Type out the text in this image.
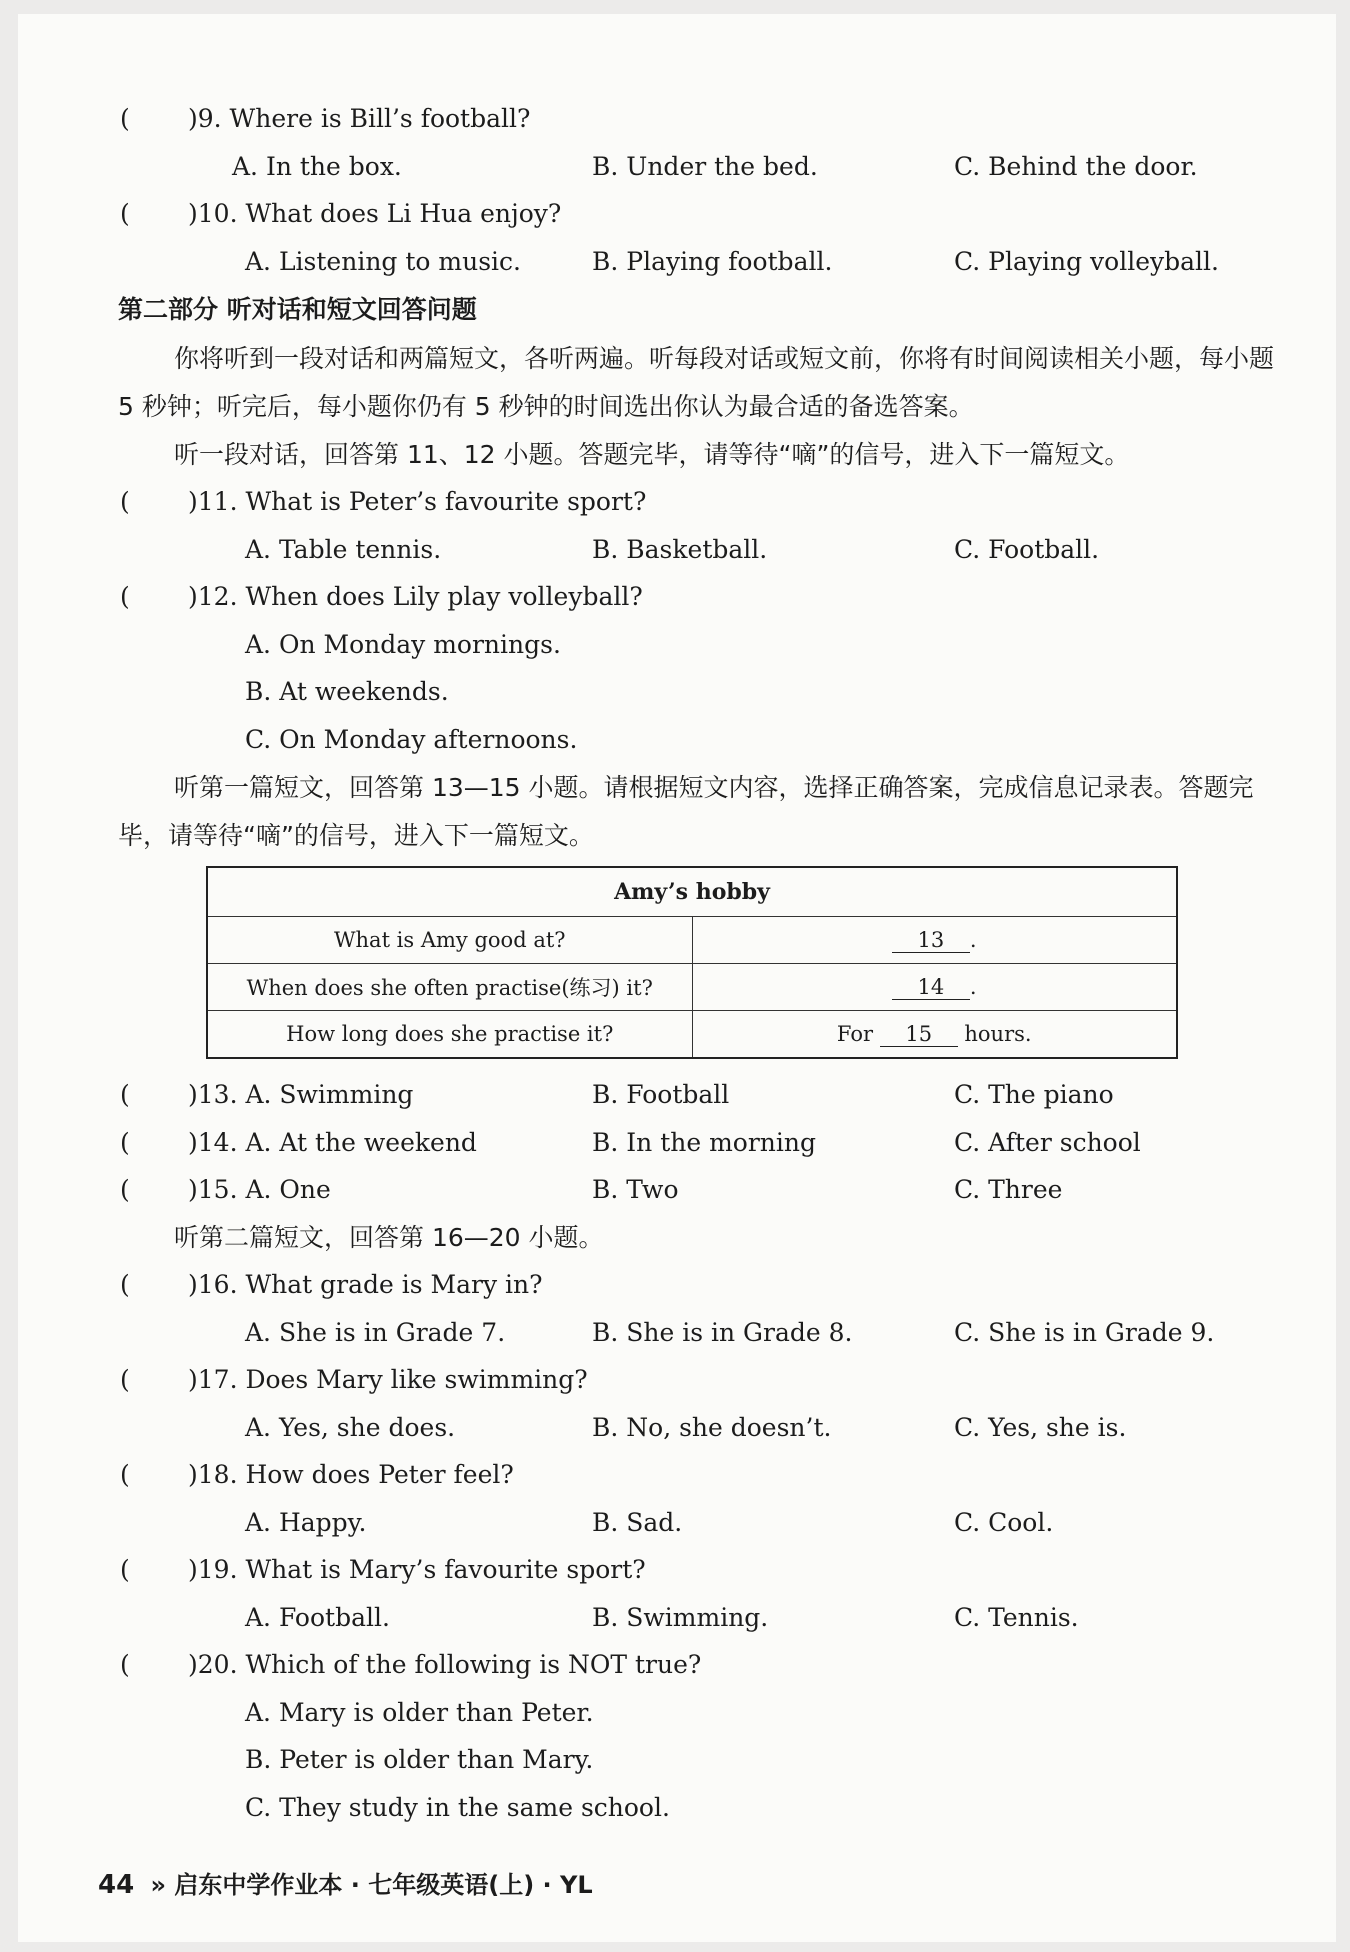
( )9. Where is Bill’s football?
A. In the box.	B. Under the bed.	C. Behind the door.
( )10. What does Li Hua enjoy?
A. Listening to music.	B. Playing football.	C. Playing volleyball.
第二部分 听对话和短文回答问题
你将听到一段对话和两篇短文，各听两遍。听每段对话或短文前，你将有时间阅读相关小题，每小题 5 秒钟；听完后，每小题你仍有 5 秒钟的时间选出你认为最合适的备选答案。
听一段对话，回答第 11、12 小题。答题完毕，请等待“嘀”的信号，进入下一篇短文。
( )11. What is Peter’s favourite sport?
A. Table tennis.	B. Basketball.	C. Football.
( )12. When does Lily play volleyball?
A. On Monday mornings.
B. At weekends.
C. On Monday afternoons.
听第一篇短文，回答第 13—15 小题。请根据短文内容，选择正确答案，完成信息记录表。答题完毕，请等待“嘀”的信号，进入下一篇短文。
Amy’s hobby	
What is Amy good at?	13 .
When does she often practise(练习) it?	14 .
How long does she practise it?	For 15 hours.
( )13. A. Swimming	B. Football	C. The piano
( )14. A. At the weekend	B. In the morning	C. After school
( )15. A. One	B. Two	C. Three
听第二篇短文，回答第 16—20 小题。
( )16. What grade is Mary in?
A. She is in Grade 7.	B. She is in Grade 8.	C. She is in Grade 9.
( )17. Does Mary like swimming?
A. Yes, she does.	B. No, she doesn’t.	C. Yes, she is.
( )18. How does Peter feel?
A. Happy.	B. Sad.	C. Cool.
( )19. What is Mary’s favourite sport?
A. Football.	B. Swimming.	C. Tennis.
( )20. Which of the following is NOT true?
A. Mary is older than Peter.
B. Peter is older than Mary.
C. They study in the same school.
44 » 启东中学作业本 · 七年级英语(上) · YL
